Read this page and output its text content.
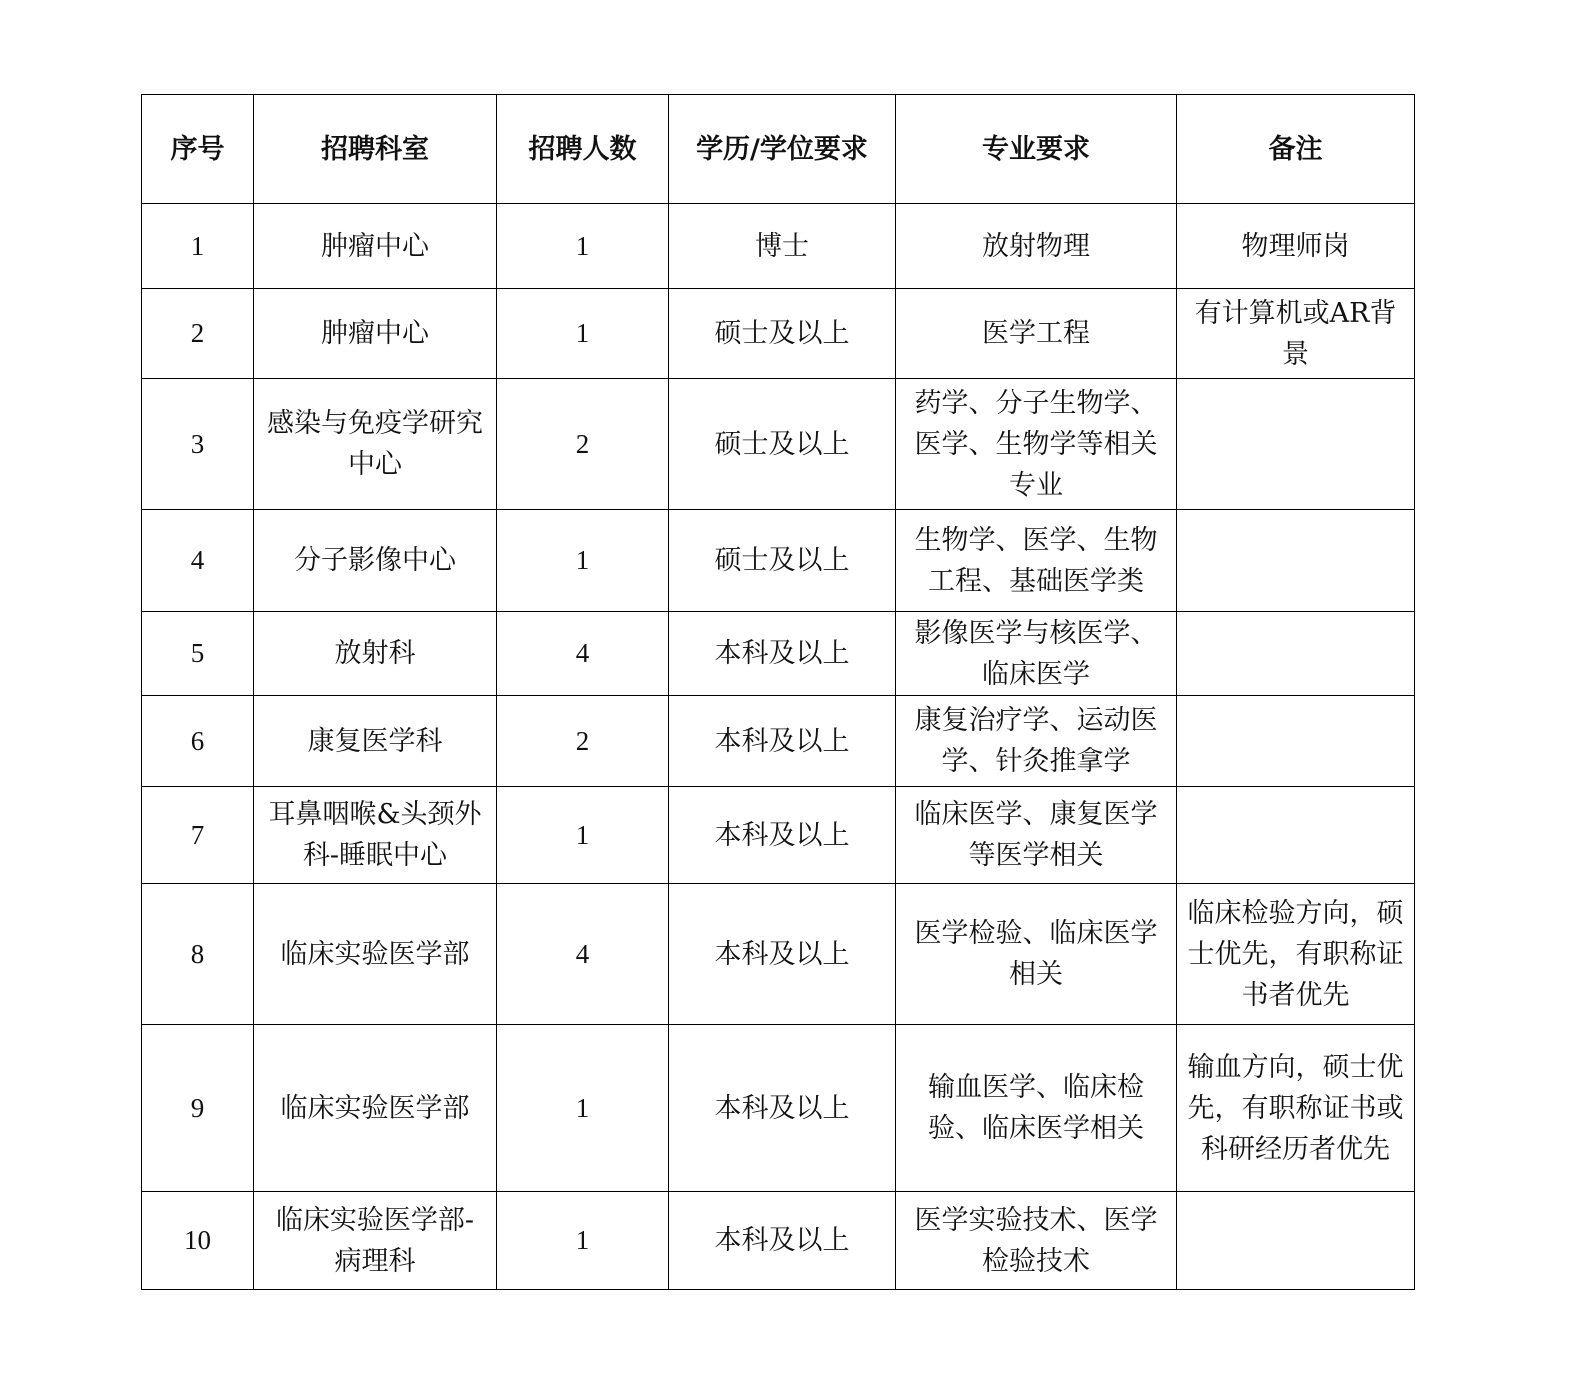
序号	招聘科室	招聘人数	学历/学位要求	专业要求	备注
1	肿瘤中心	1	博士	放射物理	物理师岗
2	肿瘤中心	1	硕士及以上	医学工程	有计算机或AR背景
3	感染与免疫学研究中心	2	硕士及以上	药学、分子生物学、医学、生物学等相关专业	
4	分子影像中心	1	硕士及以上	生物学、医学、生物工程、基础医学类	
5	放射科	4	本科及以上	影像医学与核医学、临床医学	
6	康复医学科	2	本科及以上	康复治疗学、运动医学、针灸推拿学	
7	耳鼻咽喉&头颈外科-睡眠中心	1	本科及以上	临床医学、康复医学等医学相关	
8	临床实验医学部	4	本科及以上	医学检验、临床医学相关	临床检验方向，硕士优先，有职称证书者优先
9	临床实验医学部	1	本科及以上	输血医学、临床检验、临床医学相关	输血方向，硕士优先，有职称证书或科研经历者优先
10	临床实验医学部-病理科	1	本科及以上	医学实验技术、医学检验技术	
